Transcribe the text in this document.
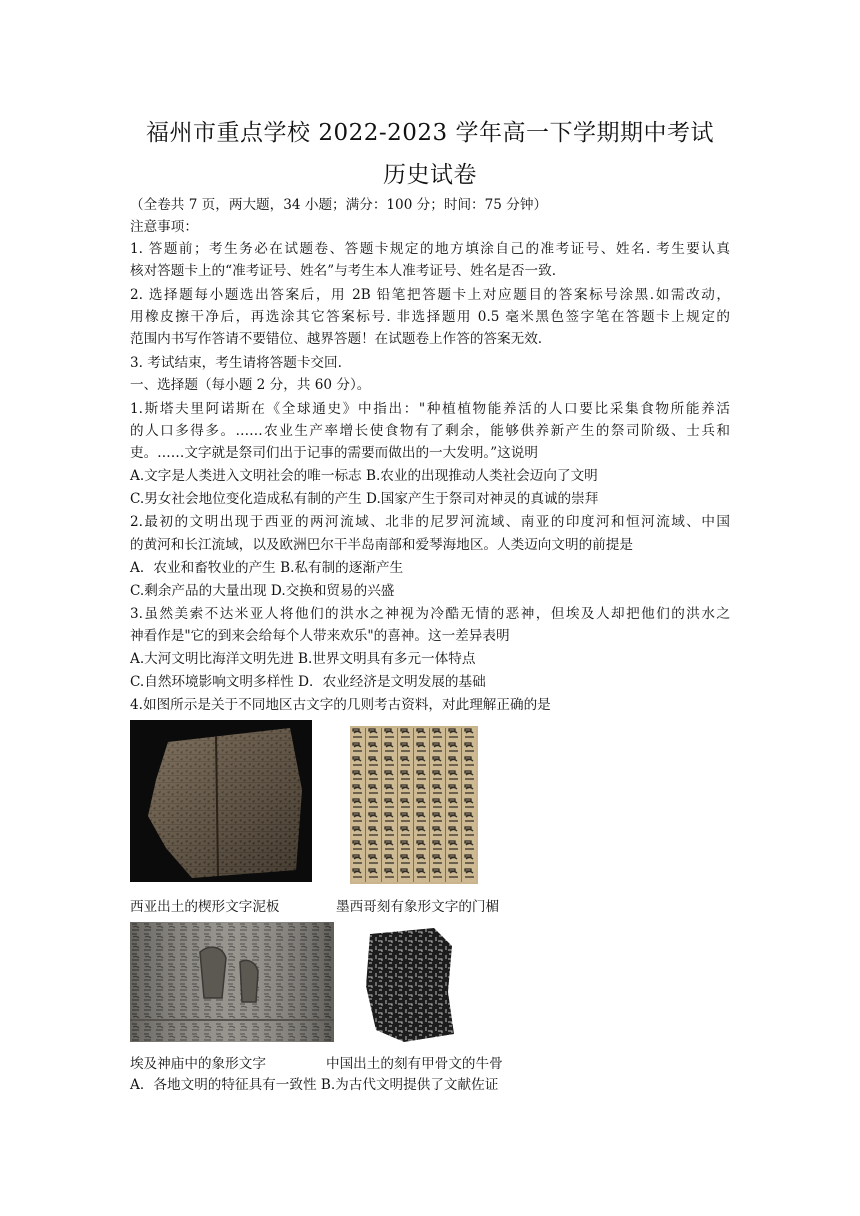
福州市重点学校 2022-2023 学年高一下学期期中考试
历史试卷
（全卷共 7 页，两大题，34 小题；满分：100 分；时间：75 分钟）
注意事项：
1. 答题前；考生务必在试题卷、答题卡规定的地方填涂自己的准考证号、姓名. 考生要认真
核对答题卡上的“准考证号、姓名”与考生本人准考证号、姓名是否一致.
2. 选择题每小题选出答案后，用 2B 铅笔把答题卡上对应题目的答案标号涂黑.如需改动，
用橡皮擦干净后，再选涂其它答案标号. 非选择题用 0.5 毫米黑色签字笔在答题卡上规定的
范围内书写作答请不要错位、越界答题！在试题卷上作答的答案无效.
3. 考试结束，考生请将答题卡交回.
一、选择题（每小题 2 分，共 60 分）。
1.斯塔夫里阿诺斯在《全球通史》中指出："种植植物能养活的人口要比采集食物所能养活
的人口多得多。……农业生产率增长使食物有了剩余，能够供养新产生的祭司阶级、士兵和
吏。……文字就是祭司们出于记事的需要而做出的一大发明。”这说明
A.文字是人类进入文明社会的唯一标志 B.农业的出现推动人类社会迈向了文明
C.男女社会地位变化造成私有制的产生 D.国家产生于祭司对神灵的真诚的崇拜
2.最初的文明出现于西亚的两河流域、北非的尼罗河流域、南亚的印度河和恒河流域、中国
的黄河和长江流域，以及欧洲巴尔干半岛南部和爱琴海地区。人类迈向文明的前提是
A．农业和畜牧业的产生 B.私有制的逐渐产生
C.剩余产品的大量出现 D.交换和贸易的兴盛
3.虽然美索不达米亚人将他们的洪水之神视为冷酷无情的恶神，但埃及人却把他们的洪水之
神看作是"它的到来会给每个人带来欢乐"的喜神。这一差异表明
A.大河文明比海洋文明先进 B.世界文明具有多元一体特点
C.自然环境影响文明多样性 D．农业经济是文明发展的基础
4.如图所示是关于不同地区古文字的几则考古资料，对此理解正确的是
西亚出土的楔形文字泥板	墨西哥刻有象形文字的门楣
埃及神庙中的象形文字	中国出土的刻有甲骨文的牛骨
A．各地文明的特征具有一致性 B.为古代文明提供了文献佐证
